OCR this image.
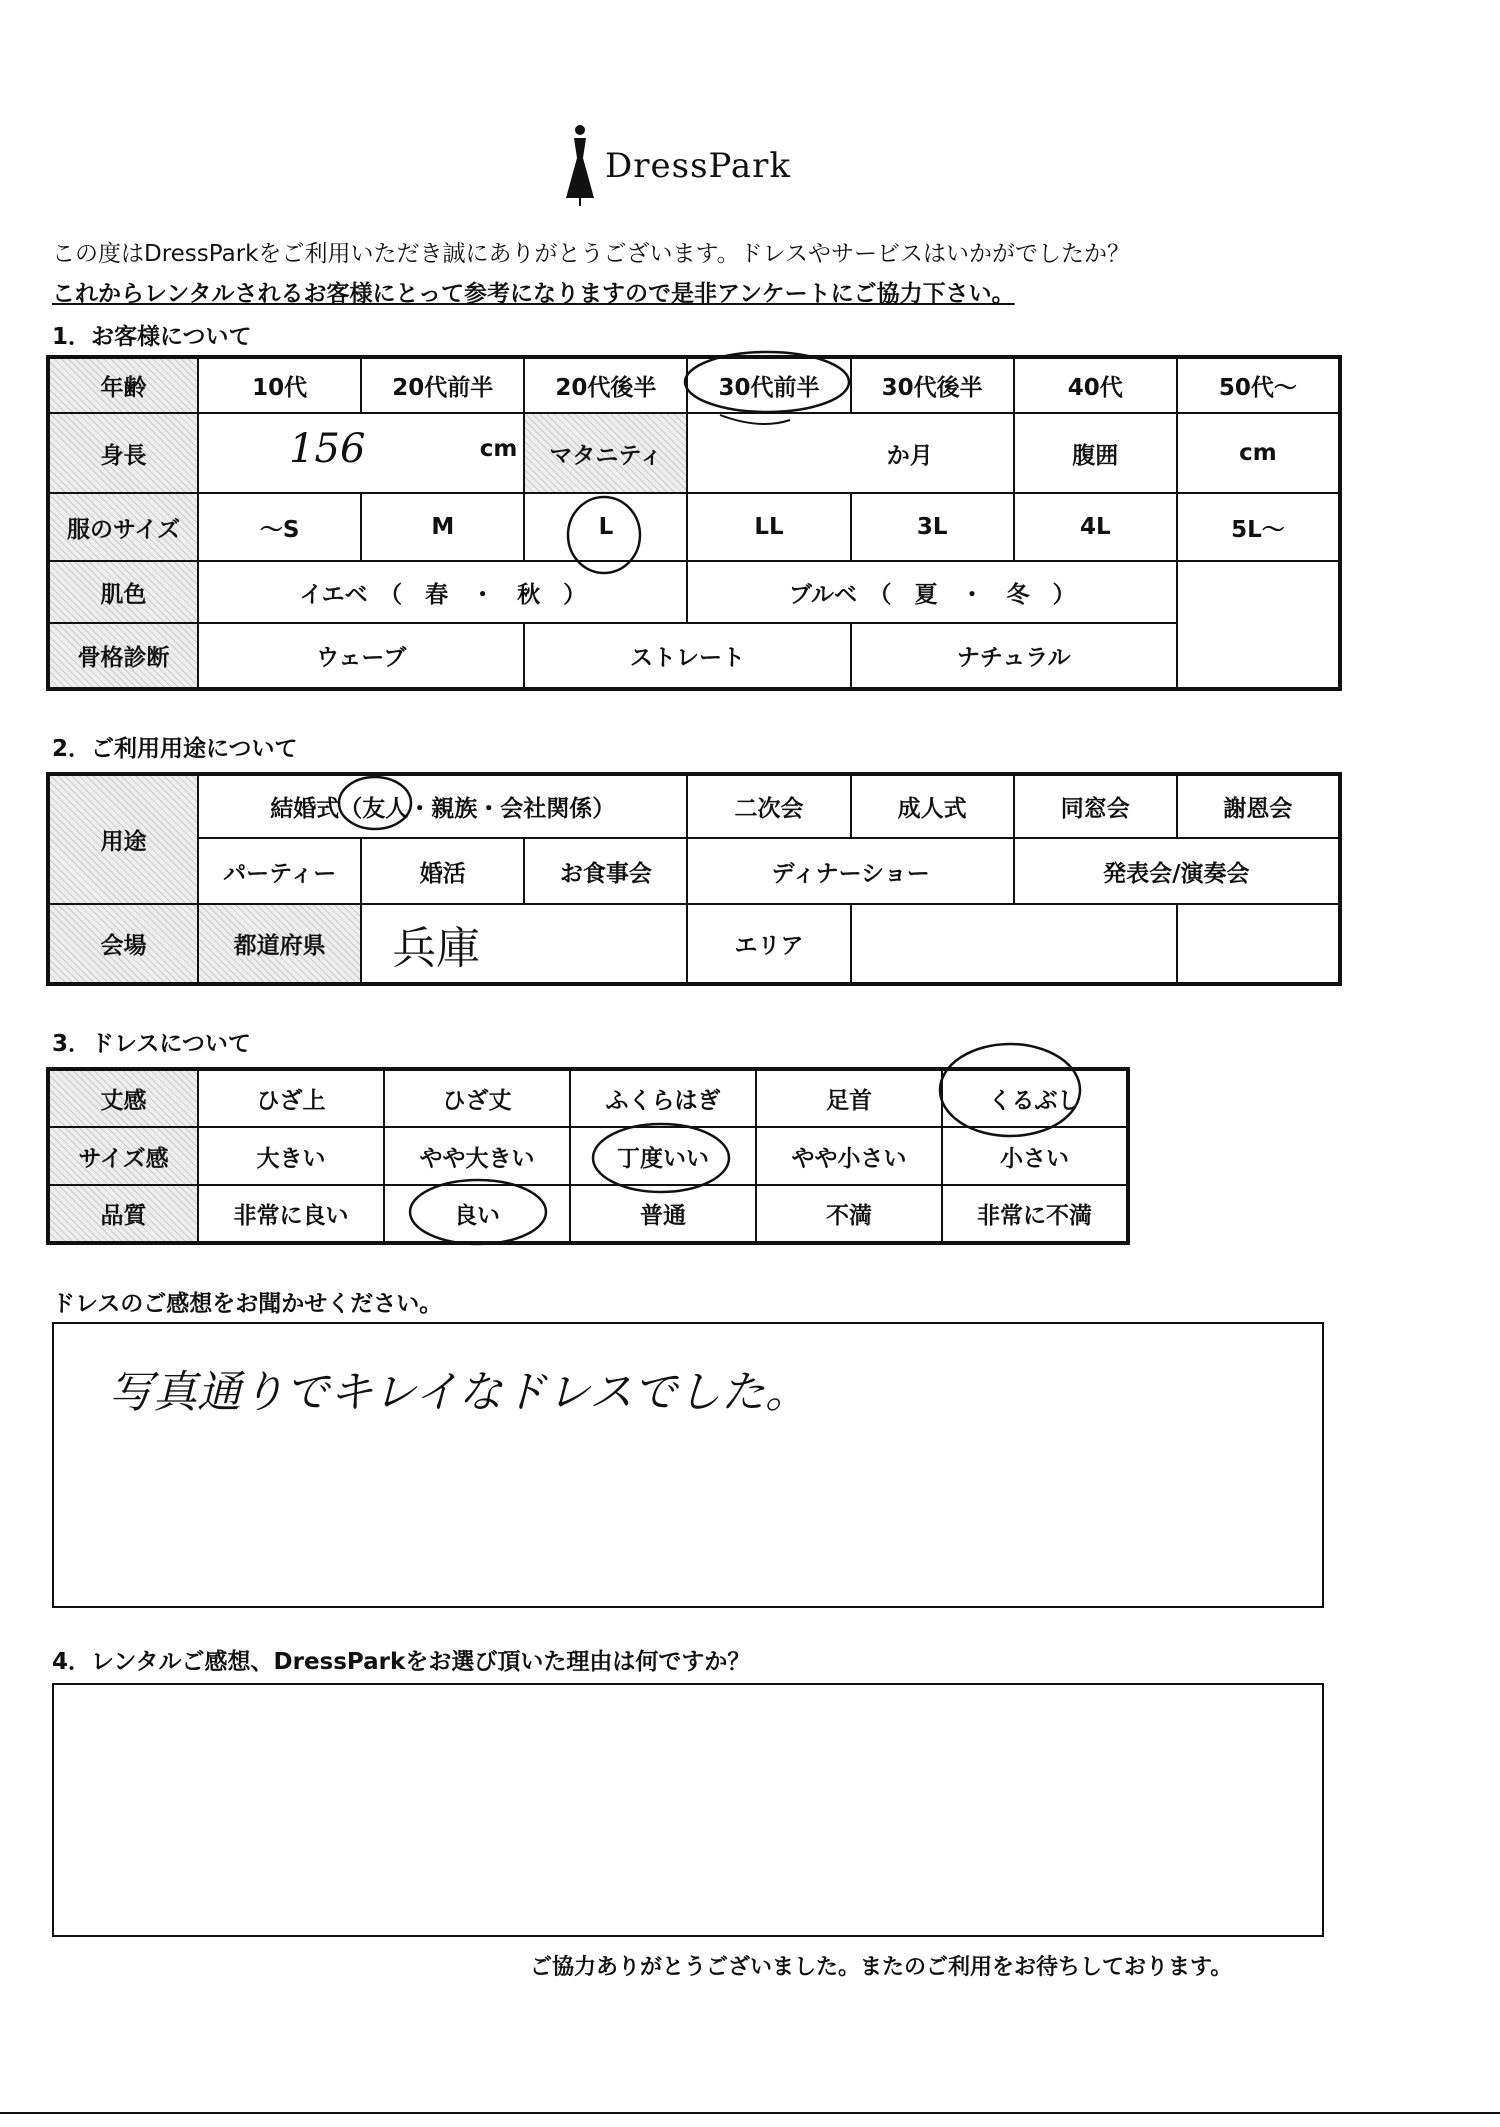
DressPark
この度はDressParkをご利用いただき誠にありがとうございます。ドレスやサービスはいかがでしたか？
これからレンタルされるお客様にとって参考になりますので是非アンケートにご協力下さい。
1．お客様について
年齢	10代	20代前半	20代後半	30代前半	30代後半	40代	50代〜
身長	156 cm		マタニティ	か月		腹囲	cm
服のサイズ	〜S	M	L	LL	3L	4L	5L〜
肌色	イエベ　（　春　・　秋　）			ブルベ　（　夏　・　冬　）			
骨格診断	ウェーブ		ストレート		ナチュラル		
2．ご利用用途について
用途	結婚式（友人・親族・会社関係）			二次会	成人式	同窓会	謝恩会
	パーティー	婚活	お食事会	ディナーショー		発表会/演奏会	
会場	都道府県	兵庫		エリア			
3．ドレスについて
丈感	ひざ上	ひざ丈	ふくらはぎ	足首	くるぶし
サイズ感	大きい	やや大きい	丁度いい	やや小さい	小さい
品質	非常に良い	良い	普通	不満	非常に不満
ドレスのご感想をお聞かせください。
写真通りでキレイなドレスでした。
4．レンタルご感想、DressParkをお選び頂いた理由は何ですか？
ご協力ありがとうございました。またのご利用をお待ちしております。
